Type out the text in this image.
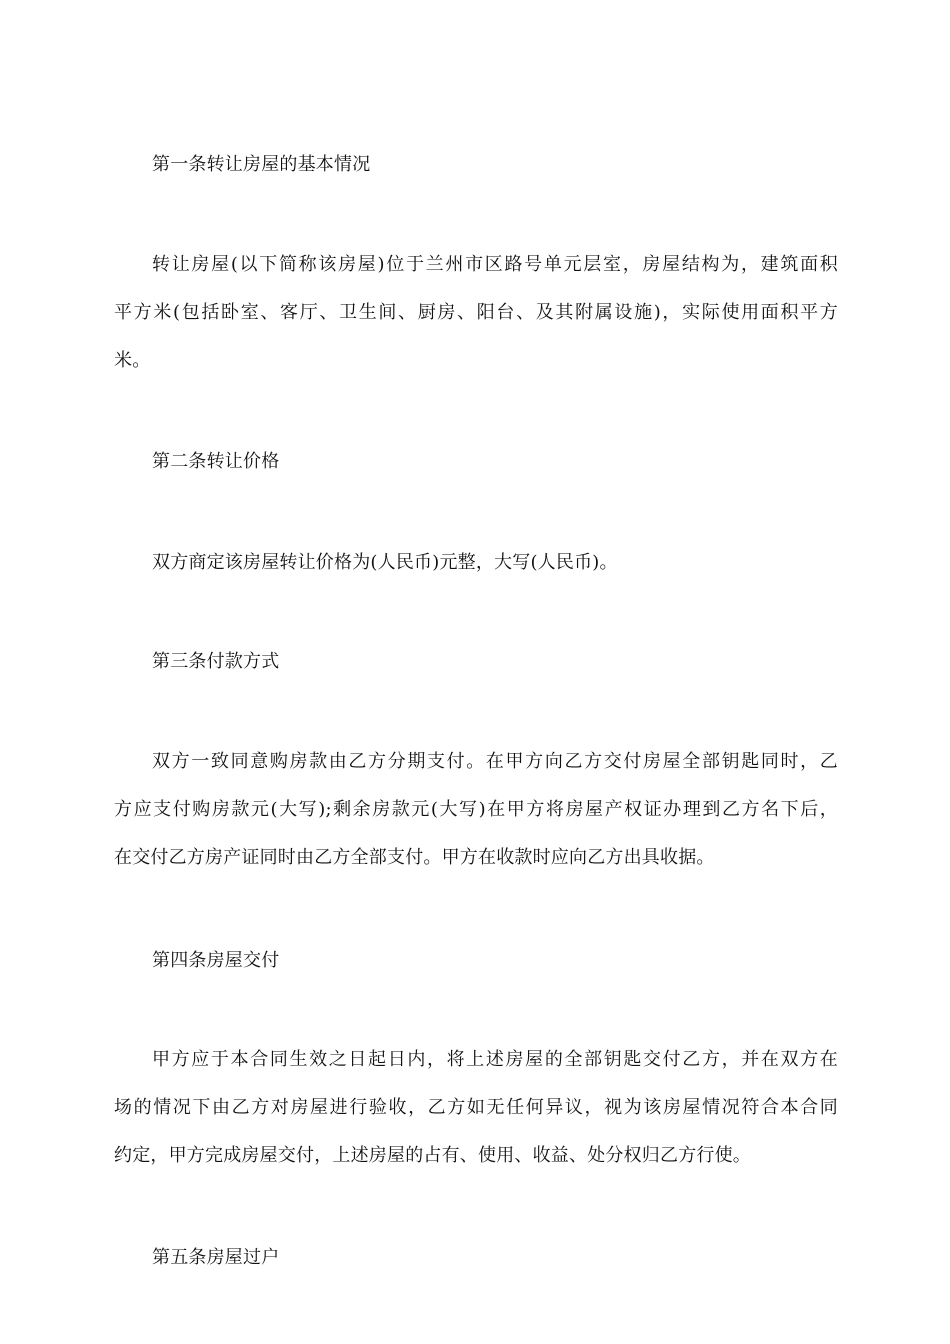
第一条转让房屋的基本情况

转让房屋(以下简称该房屋)位于兰州市区路号单元层室，房屋结构为，建筑面积
平方米(包括卧室、客厅、卫生间、厨房、阳台、及其附属设施)，实际使用面积平方
米。

第二条转让价格

双方商定该房屋转让价格为(人民币)元整，大写(人民币)。

第三条付款方式

双方一致同意购房款由乙方分期支付。在甲方向乙方交付房屋全部钥匙同时，乙
方应支付购房款元(大写);剩余房款元(大写)在甲方将房屋产权证办理到乙方名下后，
在交付乙方房产证同时由乙方全部支付。甲方在收款时应向乙方出具收据。

第四条房屋交付

甲方应于本合同生效之日起日内，将上述房屋的全部钥匙交付乙方，并在双方在
场的情况下由乙方对房屋进行验收，乙方如无任何异议，视为该房屋情况符合本合同
约定，甲方完成房屋交付，上述房屋的占有、使用、收益、处分权归乙方行使。

第五条房屋过户
